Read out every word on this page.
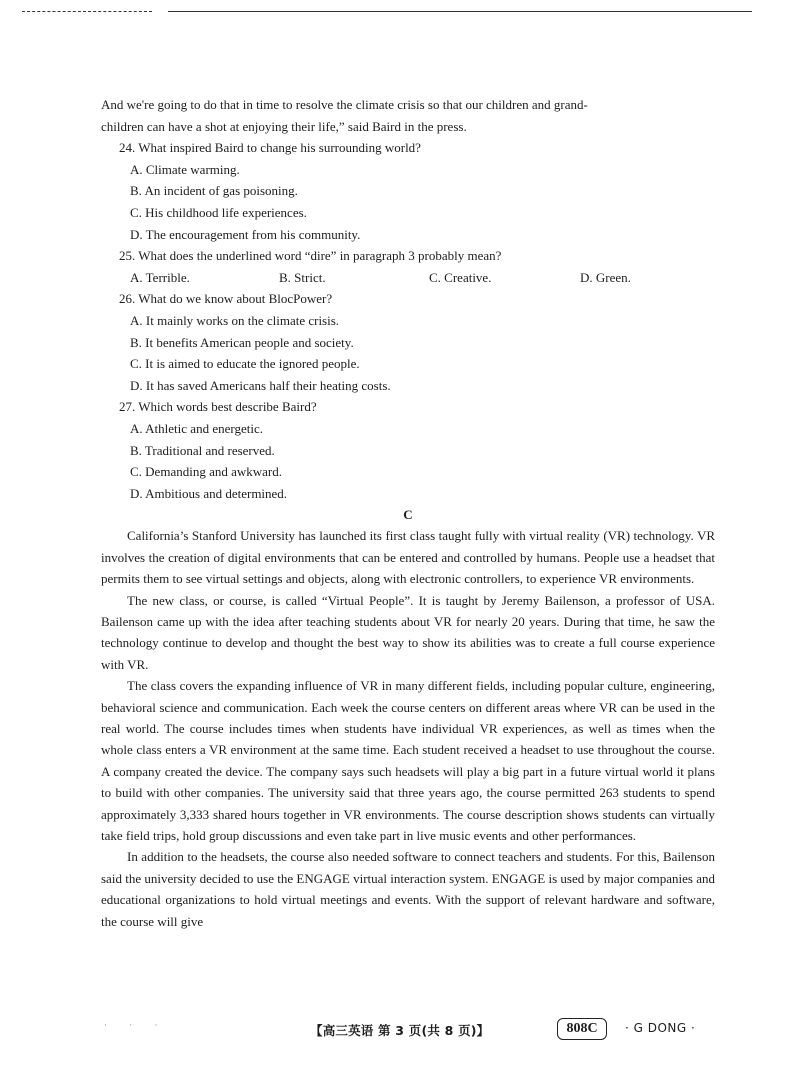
And we're going to do that in time to resolve the climate crisis so that our children and grand-

children can have a shot at enjoying their life,” said Baird in the press.

24. What inspired Baird to change his surrounding world?

A. Climate warming.

B. An incident of gas poisoning.

C. His childhood life experiences.

D. The encouragement from his community.

25. What does the underlined word “dire” in paragraph 3 probably mean?

A. Terrible.	B. Strict.	C. Creative.	D. Green.

26. What do we know about BlocPower?

A. It mainly works on the climate crisis.

B. It benefits American people and society.

C. It is aimed to educate the ignored people.

D. It has saved Americans half their heating costs.

27. Which words best describe Baird?

A. Athletic and energetic.

B. Traditional and reserved.

C. Demanding and awkward.

D. Ambitious and determined.

C

California’s Stanford University has launched its first class taught fully with virtual reality (VR) technology. VR involves the creation of digital environments that can be entered and controlled by humans. People use a headset that permits them to see virtual settings and objects, along with electronic controllers, to experience VR environments.

The new class, or course, is called “Virtual People”. It is taught by Jeremy Bailenson, a professor of USA. Bailenson came up with the idea after teaching students about VR for nearly 20 years. During that time, he saw the technology continue to develop and thought the best way to show its abilities was to create a full course experience with VR.

The class covers the expanding influence of VR in many different fields, including popular culture, engineering, behavioral science and communication. Each week the course centers on different areas where VR can be used in the real world. The course includes times when students have individual VR experiences, as well as times when the whole class enters a VR environment at the same time. Each student received a headset to use throughout the course. A company created the device. The company says such headsets will play a big part in a future virtual world it plans to build with other companies. The university said that three years ago, the course permitted 263 students to spend approximately 3,333 shared hours together in VR environments. The course description shows students can virtually take field trips, hold group discussions and even take part in live music events and other performances.

In addition to the headsets, the course also needed software to connect teachers and students. For this, Bailenson said the university decided to use the ENGAGE virtual interaction system. ENGAGE is used by major companies and educational organizations to hold virtual meetings and events. With the support of relevant hardware and software, the course will give

· · ·	【高三英语 第 3 页(共 8 页)】	808C	· G DONG ·
